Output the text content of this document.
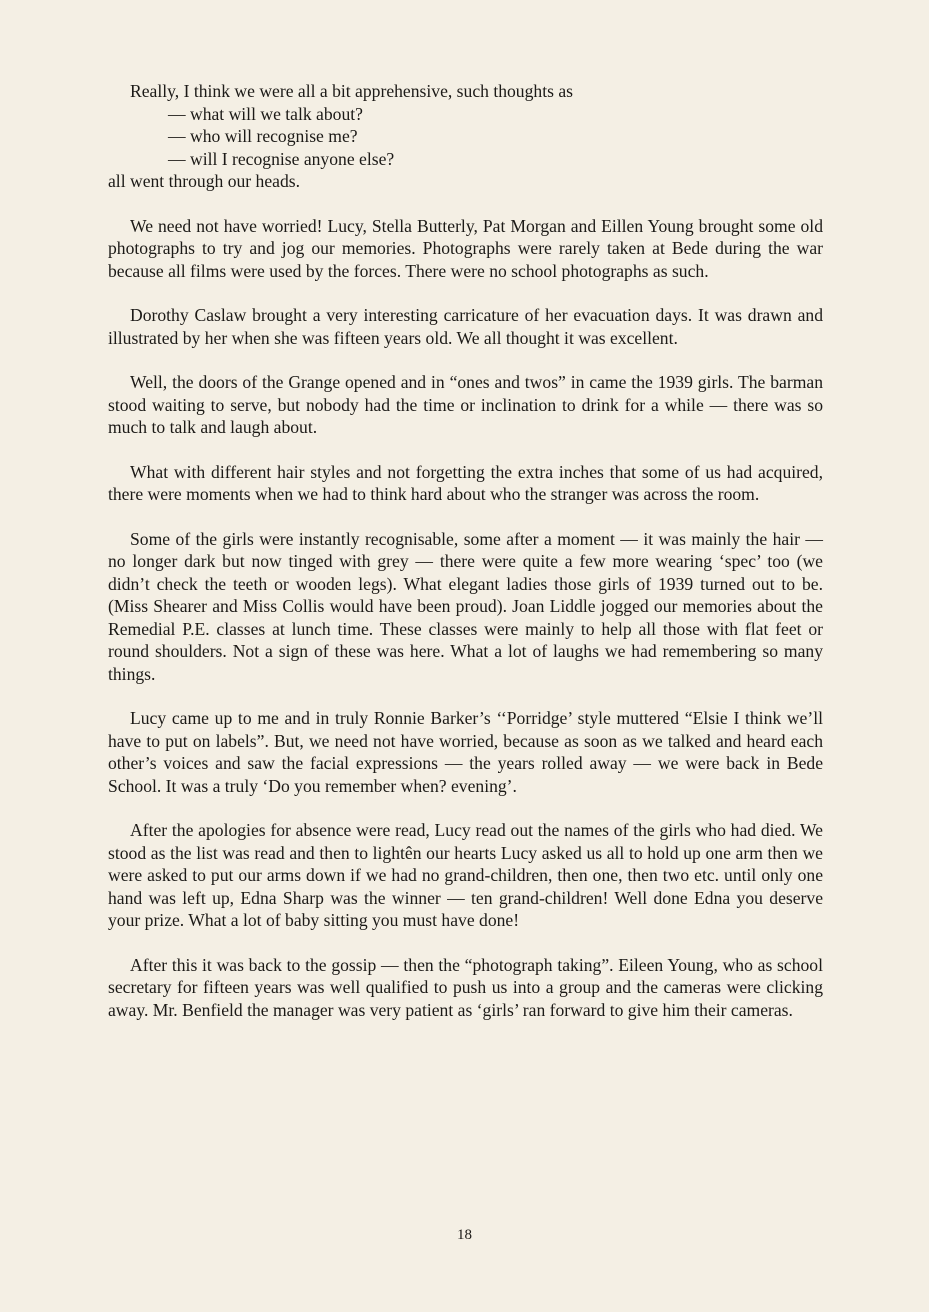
Really, I think we were all a bit apprehensive, such thoughts as
— what will we talk about?
— who will recognise me?
— will I recognise anyone else?
all went through our heads.

We need not have worried! Lucy, Stella Butterly, Pat Morgan and Eillen Young brought some old photographs to try and jog our memories. Photographs were rarely taken at Bede during the war because all films were used by the forces. There were no school photographs as such.

Dorothy Caslaw brought a very interesting carricature of her evacuation days. It was drawn and illustrated by her when she was fifteen years old. We all thought it was excellent.

Well, the doors of the Grange opened and in “ones and twos” in came the 1939 girls. The barman stood waiting to serve, but nobody had the time or inclination to drink for a while — there was so much to talk and laugh about.

What with different hair styles and not forgetting the extra inches that some of us had acquired, there were moments when we had to think hard about who the stranger was across the room.

Some of the girls were instantly recognisable, some after a moment — it was mainly the hair — no longer dark but now tinged with grey — there were quite a few more wearing ‘spec’ too (we didn’t check the teeth or wooden legs). What elegant ladies those girls of 1939 turned out to be. (Miss Shearer and Miss Collis would have been proud). Joan Liddle jogged our memories about the Remedial P.E. classes at lunch time. These classes were mainly to help all those with flat feet or round shoulders. Not a sign of these was here. What a lot of laughs we had remembering so many things.

Lucy came up to me and in truly Ronnie Barker’s ‘‘Porridge’ style muttered “Elsie I think we’ll have to put on labels”. But, we need not have worried, because as soon as we talked and heard each other’s voices and saw the facial expressions — the years rolled away — we were back in Bede School. It was a truly ‘Do you remember when? evening’.

After the apologies for absence were read, Lucy read out the names of the girls who had died. We stood as the list was read and then to lightên our hearts Lucy asked us all to hold up one arm then we were asked to put our arms down if we had no grand-children, then one, then two etc. until only one hand was left up, Edna Sharp was the winner — ten grand-children! Well done Edna you deserve your prize. What a lot of baby sitting you must have done!

After this it was back to the gossip — then the “photograph taking”. Eileen Young, who as school secretary for fifteen years was well qualified to push us into a group and the cameras were clicking away. Mr. Benfield the manager was very patient as ‘girls’ ran forward to give him their cameras.

18
